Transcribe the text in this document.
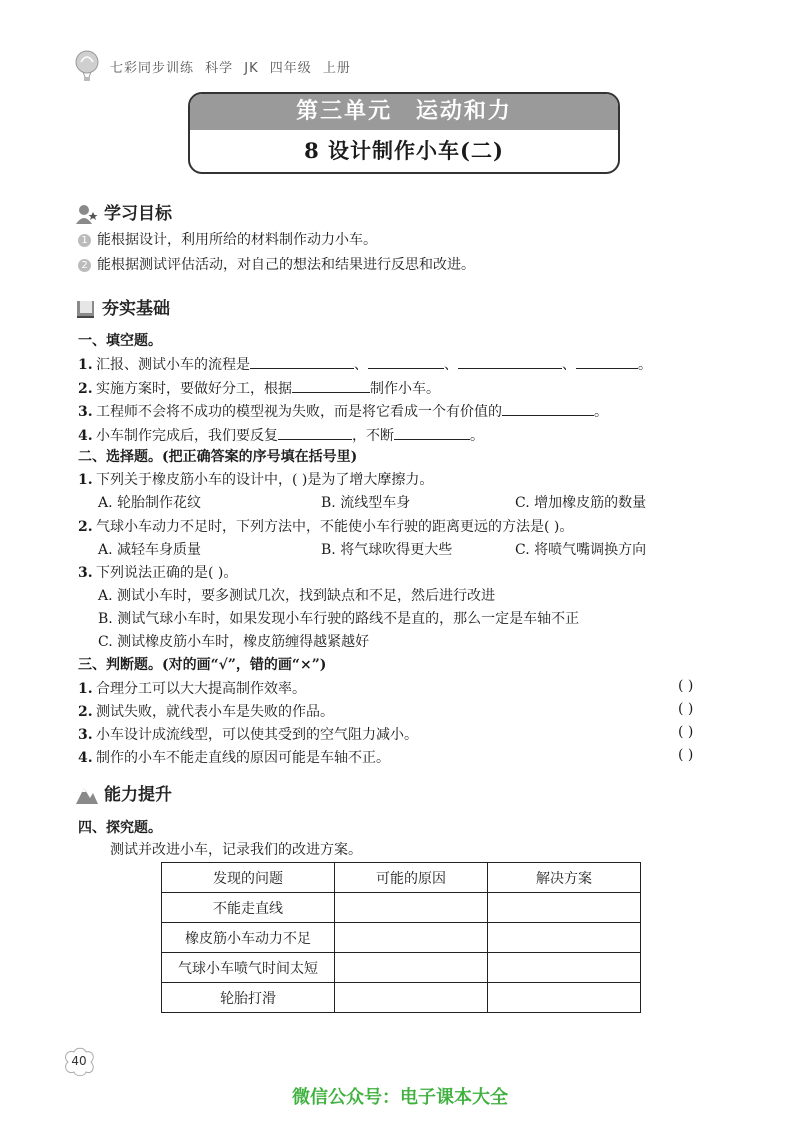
七彩同步训练 科学 JK 四年级 上册
第三单元 运动和力
8 设计制作小车(二)
学习目标
1 能根据设计，利用所给的材料制作动力小车。
2 能根据测试评估活动，对自己的想法和结果进行反思和改进。
夯实基础
一、填空题。
1. 汇报、测试小车的流程是	、	、	、	。
2. 实施方案时，要做好分工，根据	制作小车。
3. 工程师不会将不成功的模型视为失败，而是将它看成一个有价值的	。
4. 小车制作完成后，我们要反复	，不断	。
二、选择题。(把正确答案的序号填在括号里)
1. 下列关于橡皮筋小车的设计中，( )是为了增大摩擦力。
A. 轮胎制作花纹	B. 流线型车身	C. 增加橡皮筋的数量
2. 气球小车动力不足时，下列方法中，不能使小车行驶的距离更远的方法是( )。
A. 减轻车身质量	B. 将气球吹得更大些	C. 将喷气嘴调换方向
3. 下列说法正确的是( )。
A. 测试小车时，要多测试几次，找到缺点和不足，然后进行改进
B. 测试气球小车时，如果发现小车行驶的路线不是直的，那么一定是车轴不正
C. 测试橡皮筋小车时，橡皮筋缠得越紧越好
三、判断题。(对的画“√”，错的画“×”)
1. 合理分工可以大大提高制作效率。	( )
2. 测试失败，就代表小车是失败的作品。	( )
3. 小车设计成流线型，可以使其受到的空气阻力减小。	( )
4. 制作的小车不能走直线的原因可能是车轴不正。	( )
能力提升
四、探究题。
测试并改进小车，记录我们的改进方案。
发现的问题	可能的原因	解决方案
不能走直线		
橡皮筋小车动力不足		
气球小车喷气时间太短		
轮胎打滑		
40
微信公众号：电子课本大全
